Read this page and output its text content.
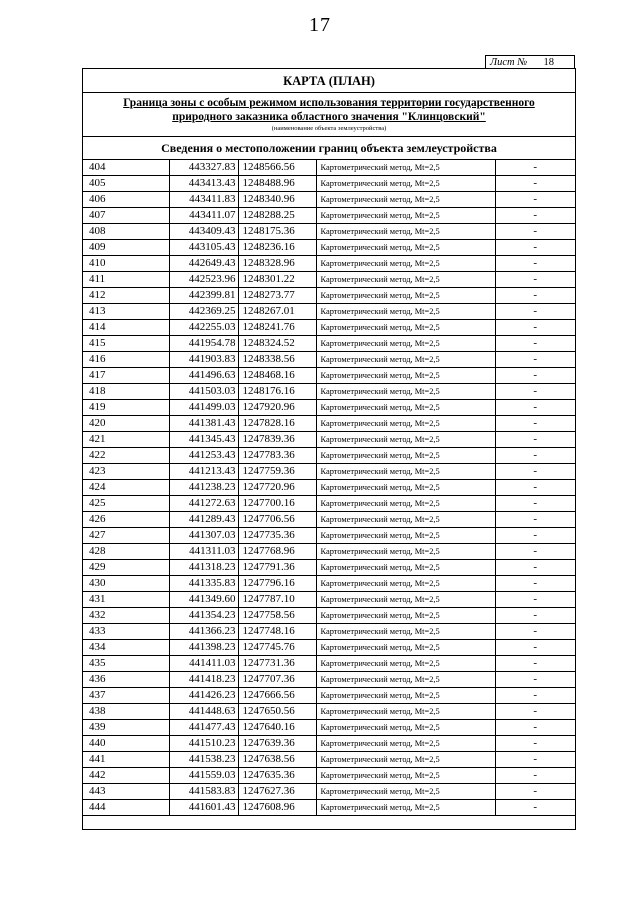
17
Лист № 18
КАРТА (ПЛАН)
Граница зоны с особым режимом использования территории государственного
природного заказника областного значения "Клинцовский"
(наименование объекта землеустройства)
Сведения о местоположении границ объекта землеустройства
404	443327.83	1248566.56	Картометрический метод, Mt=2,5	-
405	443413.43	1248488.96	Картометрический метод, Mt=2,5	-
406	443411.83	1248340.96	Картометрический метод, Mt=2,5	-
407	443411.07	1248288.25	Картометрический метод, Mt=2,5	-
408	443409.43	1248175.36	Картометрический метод, Mt=2,5	-
409	443105.43	1248236.16	Картометрический метод, Mt=2,5	-
410	442649.43	1248328.96	Картометрический метод, Mt=2,5	-
411	442523.96	1248301.22	Картометрический метод, Mt=2,5	-
412	442399.81	1248273.77	Картометрический метод, Mt=2,5	-
413	442369.25	1248267.01	Картометрический метод, Mt=2,5	-
414	442255.03	1248241.76	Картометрический метод, Mt=2,5	-
415	441954.78	1248324.52	Картометрический метод, Mt=2,5	-
416	441903.83	1248338.56	Картометрический метод, Mt=2,5	-
417	441496.63	1248468.16	Картометрический метод, Mt=2,5	-
418	441503.03	1248176.16	Картометрический метод, Mt=2,5	-
419	441499.03	1247920.96	Картометрический метод, Mt=2,5	-
420	441381.43	1247828.16	Картометрический метод, Mt=2,5	-
421	441345.43	1247839.36	Картометрический метод, Mt=2,5	-
422	441253.43	1247783.36	Картометрический метод, Mt=2,5	-
423	441213.43	1247759.36	Картометрический метод, Mt=2,5	-
424	441238.23	1247720.96	Картометрический метод, Mt=2,5	-
425	441272.63	1247700.16	Картометрический метод, Mt=2,5	-
426	441289.43	1247706.56	Картометрический метод, Mt=2,5	-
427	441307.03	1247735.36	Картометрический метод, Mt=2,5	-
428	441311.03	1247768.96	Картометрический метод, Mt=2,5	-
429	441318.23	1247791.36	Картометрический метод, Mt=2,5	-
430	441335.83	1247796.16	Картометрический метод, Mt=2,5	-
431	441349.60	1247787.10	Картометрический метод, Mt=2,5	-
432	441354.23	1247758.56	Картометрический метод, Mt=2,5	-
433	441366.23	1247748.16	Картометрический метод, Mt=2,5	-
434	441398.23	1247745.76	Картометрический метод, Mt=2,5	-
435	441411.03	1247731.36	Картометрический метод, Mt=2,5	-
436	441418.23	1247707.36	Картометрический метод, Mt=2,5	-
437	441426.23	1247666.56	Картометрический метод, Mt=2,5	-
438	441448.63	1247650.56	Картометрический метод, Mt=2,5	-
439	441477.43	1247640.16	Картометрический метод, Mt=2,5	-
440	441510.23	1247639.36	Картометрический метод, Mt=2,5	-
441	441538.23	1247638.56	Картометрический метод, Mt=2,5	-
442	441559.03	1247635.36	Картометрический метод, Mt=2,5	-
443	441583.83	1247627.36	Картометрический метод, Mt=2,5	-
444	441601.43	1247608.96	Картометрический метод, Mt=2,5	-
